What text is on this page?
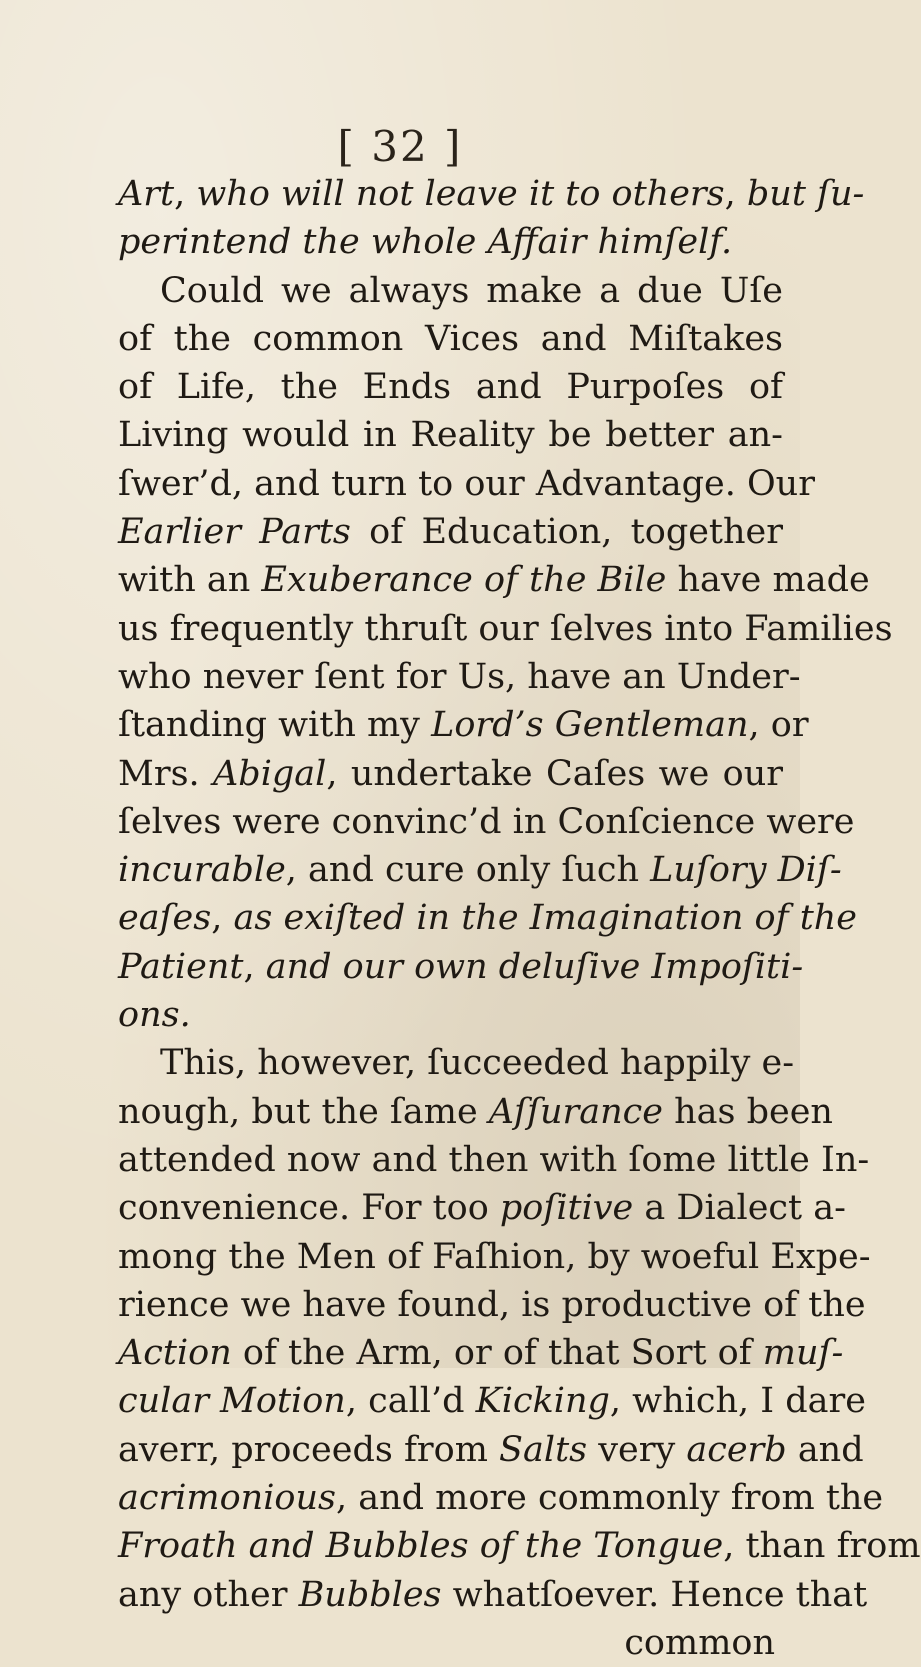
[ 32 ]
Art, who will not leave it to others, but ſu-
perintend the whole Affair himſelf.
Could we always make a due Uſe
of the common Vices and Miſtakes
of Life, the Ends and Purpoſes of
Living would in Reality be better an-
ſwer’d, and turn to our Advantage. Our
Earlier Parts of Education, together
with an Exuberance of the Bile have made
us frequently thruſt our ſelves into Families
who never ſent for Us, have an Under-
ſtanding with my Lord’s Gentleman, or
Mrs. Abigal, undertake Caſes we our
ſelves were convinc’d in Conſcience were
incurable, and cure only ſuch Luſory Diſ-
eaſes, as exiſted in the Imagination of the
Patient, and our own deluſive Impoſiti-
ons.
This, however, ſucceeded happily e-
nough, but the ſame Aſſurance has been
attended now and then with ſome little In-
convenience. For too poſitive a Dialect a-
mong the Men of Faſhion, by woeful Expe-
rience we have found, is productive of the
Action of the Arm, or of that Sort of muſ-
cular Motion, call’d Kicking, which, I dare
averr, proceeds from Salts very acerb and
acrimonious, and more commonly from the
Froath and Bubbles of the Tongue, than from
any other Bubbles whatſoever. Hence that
common
